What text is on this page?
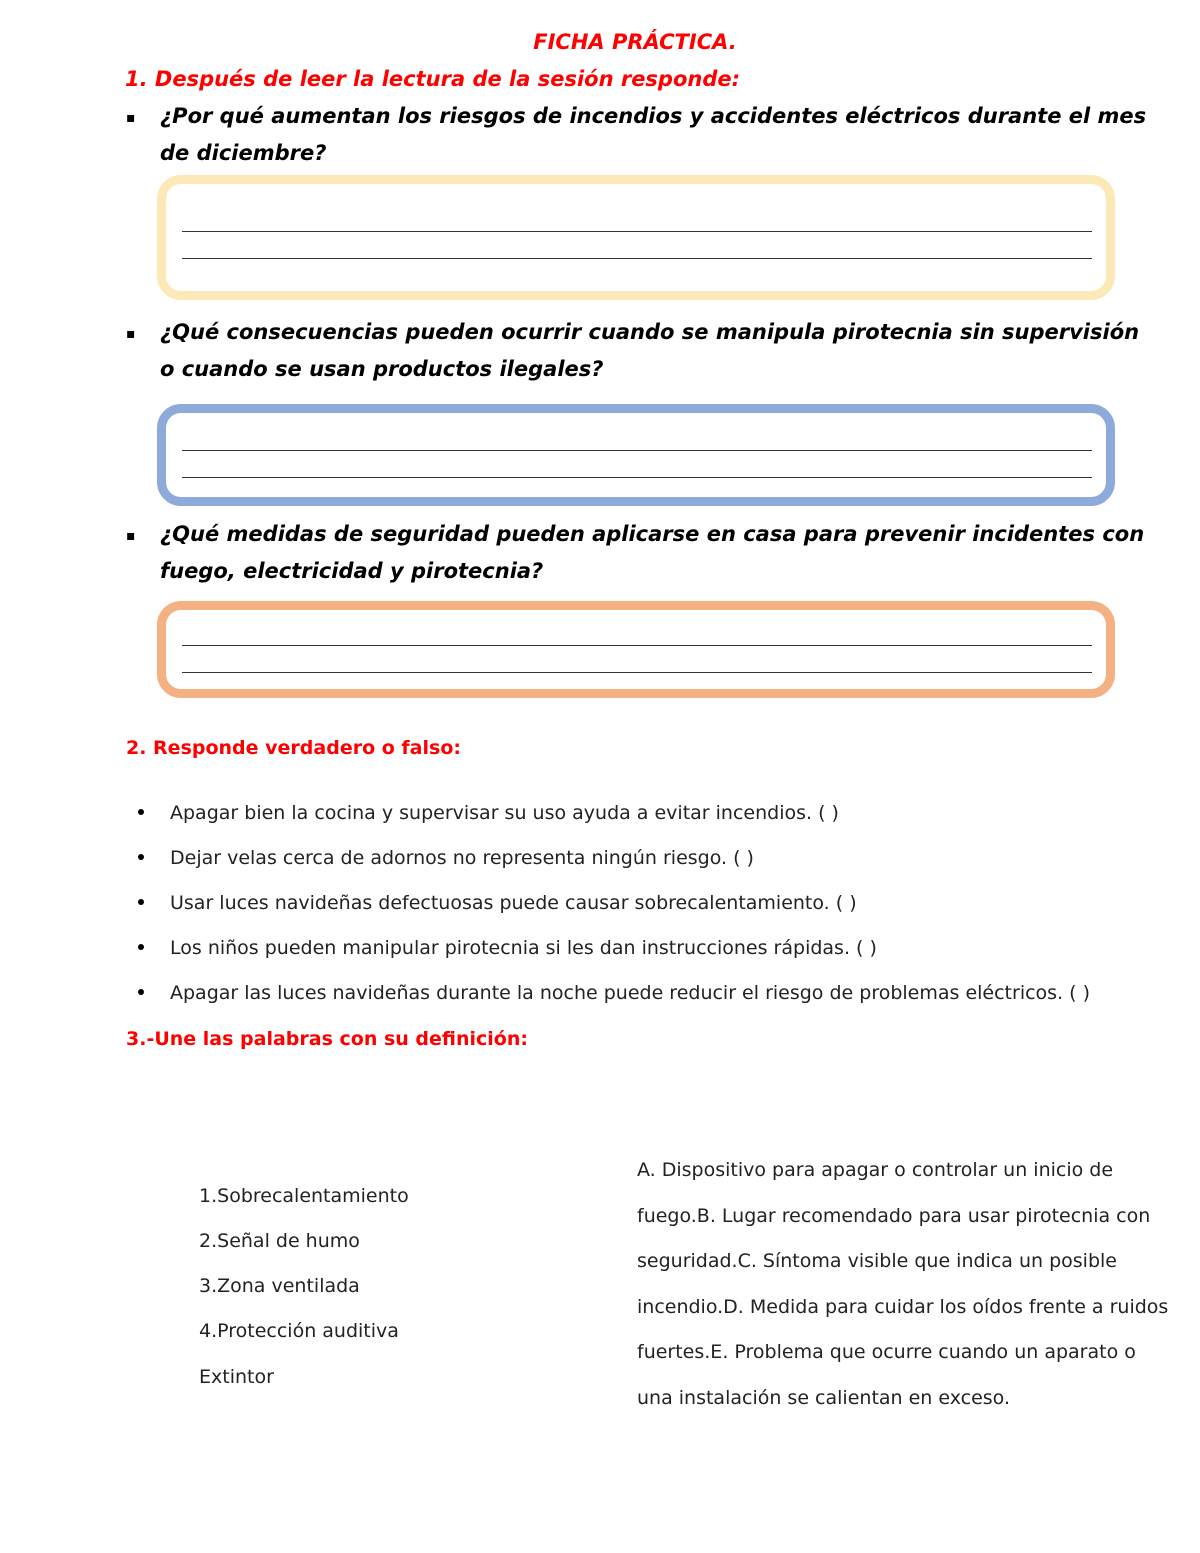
FICHA PRÁCTICA.
1. Después de leer la lectura de la sesión responde:
▪ ¿Por qué aumentan los riesgos de incendios y accidentes eléctricos durante el mes de diciembre?
▪ ¿Qué consecuencias pueden ocurrir cuando se manipula pirotecnia sin supervisión o cuando se usan productos ilegales?
▪ ¿Qué medidas de seguridad pueden aplicarse en casa para prevenir incidentes con fuego, electricidad y pirotecnia?
2. Responde verdadero o falso:
Apagar bien la cocina y supervisar su uso ayuda a evitar incendios. ( )
Dejar velas cerca de adornos no representa ningún riesgo. ( )
Usar luces navideñas defectuosas puede causar sobrecalentamiento. ( )
Los niños pueden manipular pirotecnia si les dan instrucciones rápidas. ( )
Apagar las luces navideñas durante la noche puede reducir el riesgo de problemas eléctricos. ( )
3.-Une las palabras con su definición:
1.Sobrecalentamiento
2.Señal de humo
3.Zona ventilada
4.Protección auditiva
Extintor
A. Dispositivo para apagar o controlar un inicio de fuego.B. Lugar recomendado para usar pirotecnia con seguridad.C. Síntoma visible que indica un posible incendio.D. Medida para cuidar los oídos frente a ruidos fuertes.E. Problema que ocurre cuando un aparato o una instalación se calientan en exceso.
